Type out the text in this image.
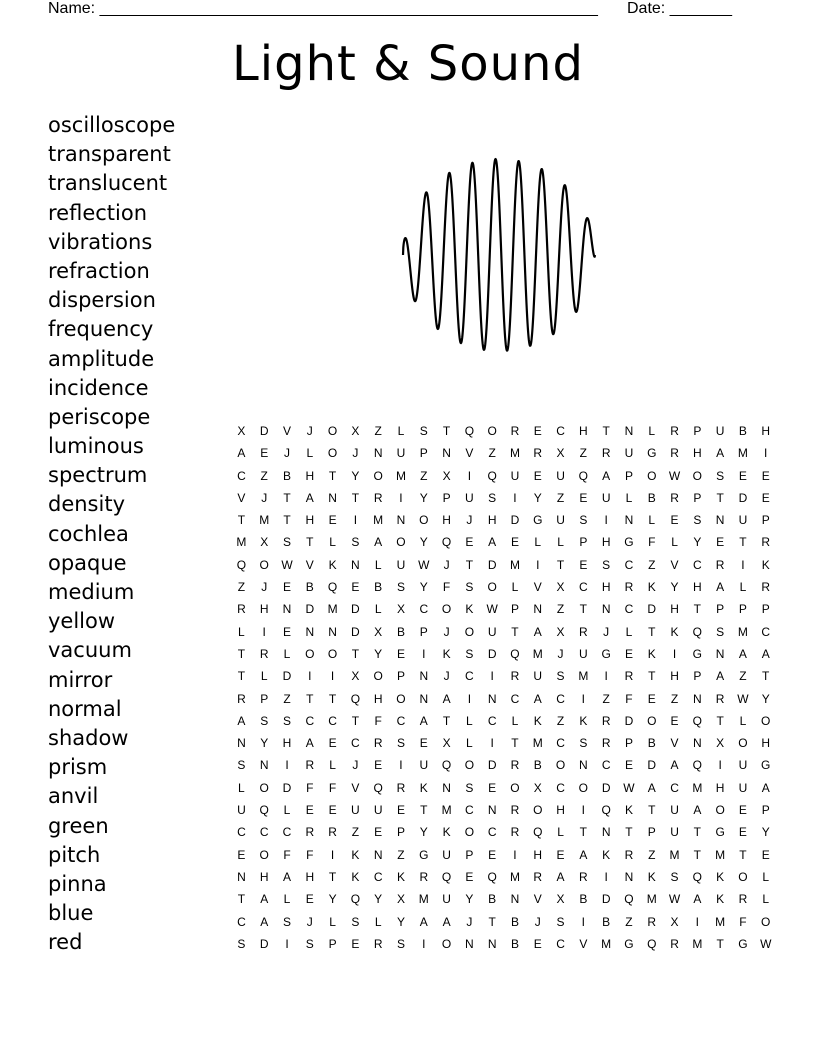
Name: ________________________________________________________

Date: _______

Light & Sound
oscilloscope
transparent
translucent
reflection
vibrations
refraction
dispersion
frequency
amplitude
incidence
periscope
luminous
spectrum
density
cochlea
opaque
medium
yellow
vacuum
mirror
normal
shadow
prism
anvil
green
pitch
pinna
blue
red
X D V J O X Z L S T Q O R E C H T N L R P U B H
A E J L O J N U P N V Z M R X Z R U G R H A M I
C Z B H T Y O M Z X I Q U E U Q A P O W O S E E
V J T A N T R I Y P U S I Y Z E U L B R P T D E
T M T H E I M N O H J H D G U S I N L E S N U P
M X S T L S A O Y Q E A E L L P H G F L Y E T R
Q O W V K N L U W J T D M I T E S C Z V C R I K
Z J E B Q E B S Y F S O L V X C H R K Y H A L R
R H N D M D L X C O K W P N Z T N C D H T P P P
L I E N N D X B P J O U T A X R J L T K Q S M C
T R L O O T Y E I K S D Q M J U G E K I G N A A
T L D I I X O P N J C I R U S M I R T H P A Z T
R P Z T T Q H O N A I N C A C I Z F E Z N R W Y
A S S C C T F C A T L C L K Z K R D O E Q T L O
N Y H A E C R S E X L I T M C S R P B V N X O H
S N I R L J E I U Q O D R B O N C E D A Q I U G
L O D F F V Q R K N S E O X C O D W A C M H U A
U Q L E E U U E T M C N R O H I Q K T U A O E P
C C C R R Z E P Y K O C R Q L T N T P U T G E Y
E O F F I K N Z G U P E I H E A K R Z M T M T E
N H A H T K C K R Q E Q M R A R I N K S Q K O L
T A L E Y Q Y X M U Y B N V X B D Q M W A K R L
C A S J L S L Y A A J T B J S I B Z R X I M F O
S D I S P E R S I O N N B E C V M G Q R M T G W
